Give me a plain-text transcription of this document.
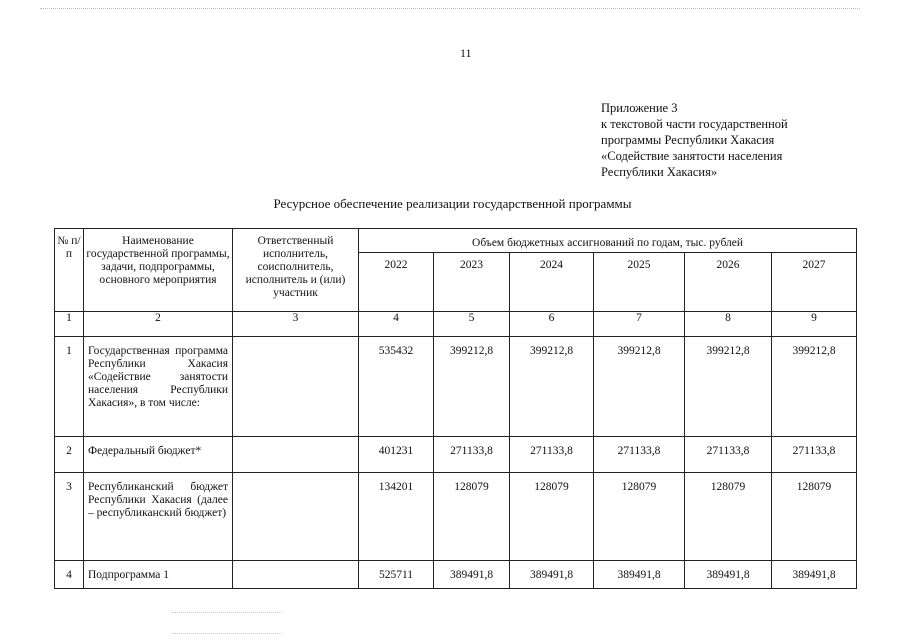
11
Приложение 3
к текстовой части государственной
программы Республики Хакасия
«Содействие занятости населения
Республики Хакасия»
Ресурсное обеспечение реализации государственной программы
№ п/п	Наименование государственной программы, задачи, подпрограммы, основного мероприятия	Ответственный исполнитель, соисполнитель, исполнитель и (или) участник	Объем бюджетных ассигнований по годам, тыс. рублей					
			2022	2023	2024	2025	2026	2027
1	2	3	4	5	6	7	8	9
1	Государственная программа Республики Хакасия «Содействие занятости населения Республики Хакасия», в том числе:		535432	399212,8	399212,8	399212,8	399212,8	399212,8
2	Федеральный бюджет*		401231	271133,8	271133,8	271133,8	271133,8	271133,8
3	Республиканский бюджет Республики Хакасия (далее – республиканский бюджет)		134201	128079	128079	128079	128079	128079
4	Подпрограмма 1		525711	389491,8	389491,8	389491,8	389491,8	389491,8
